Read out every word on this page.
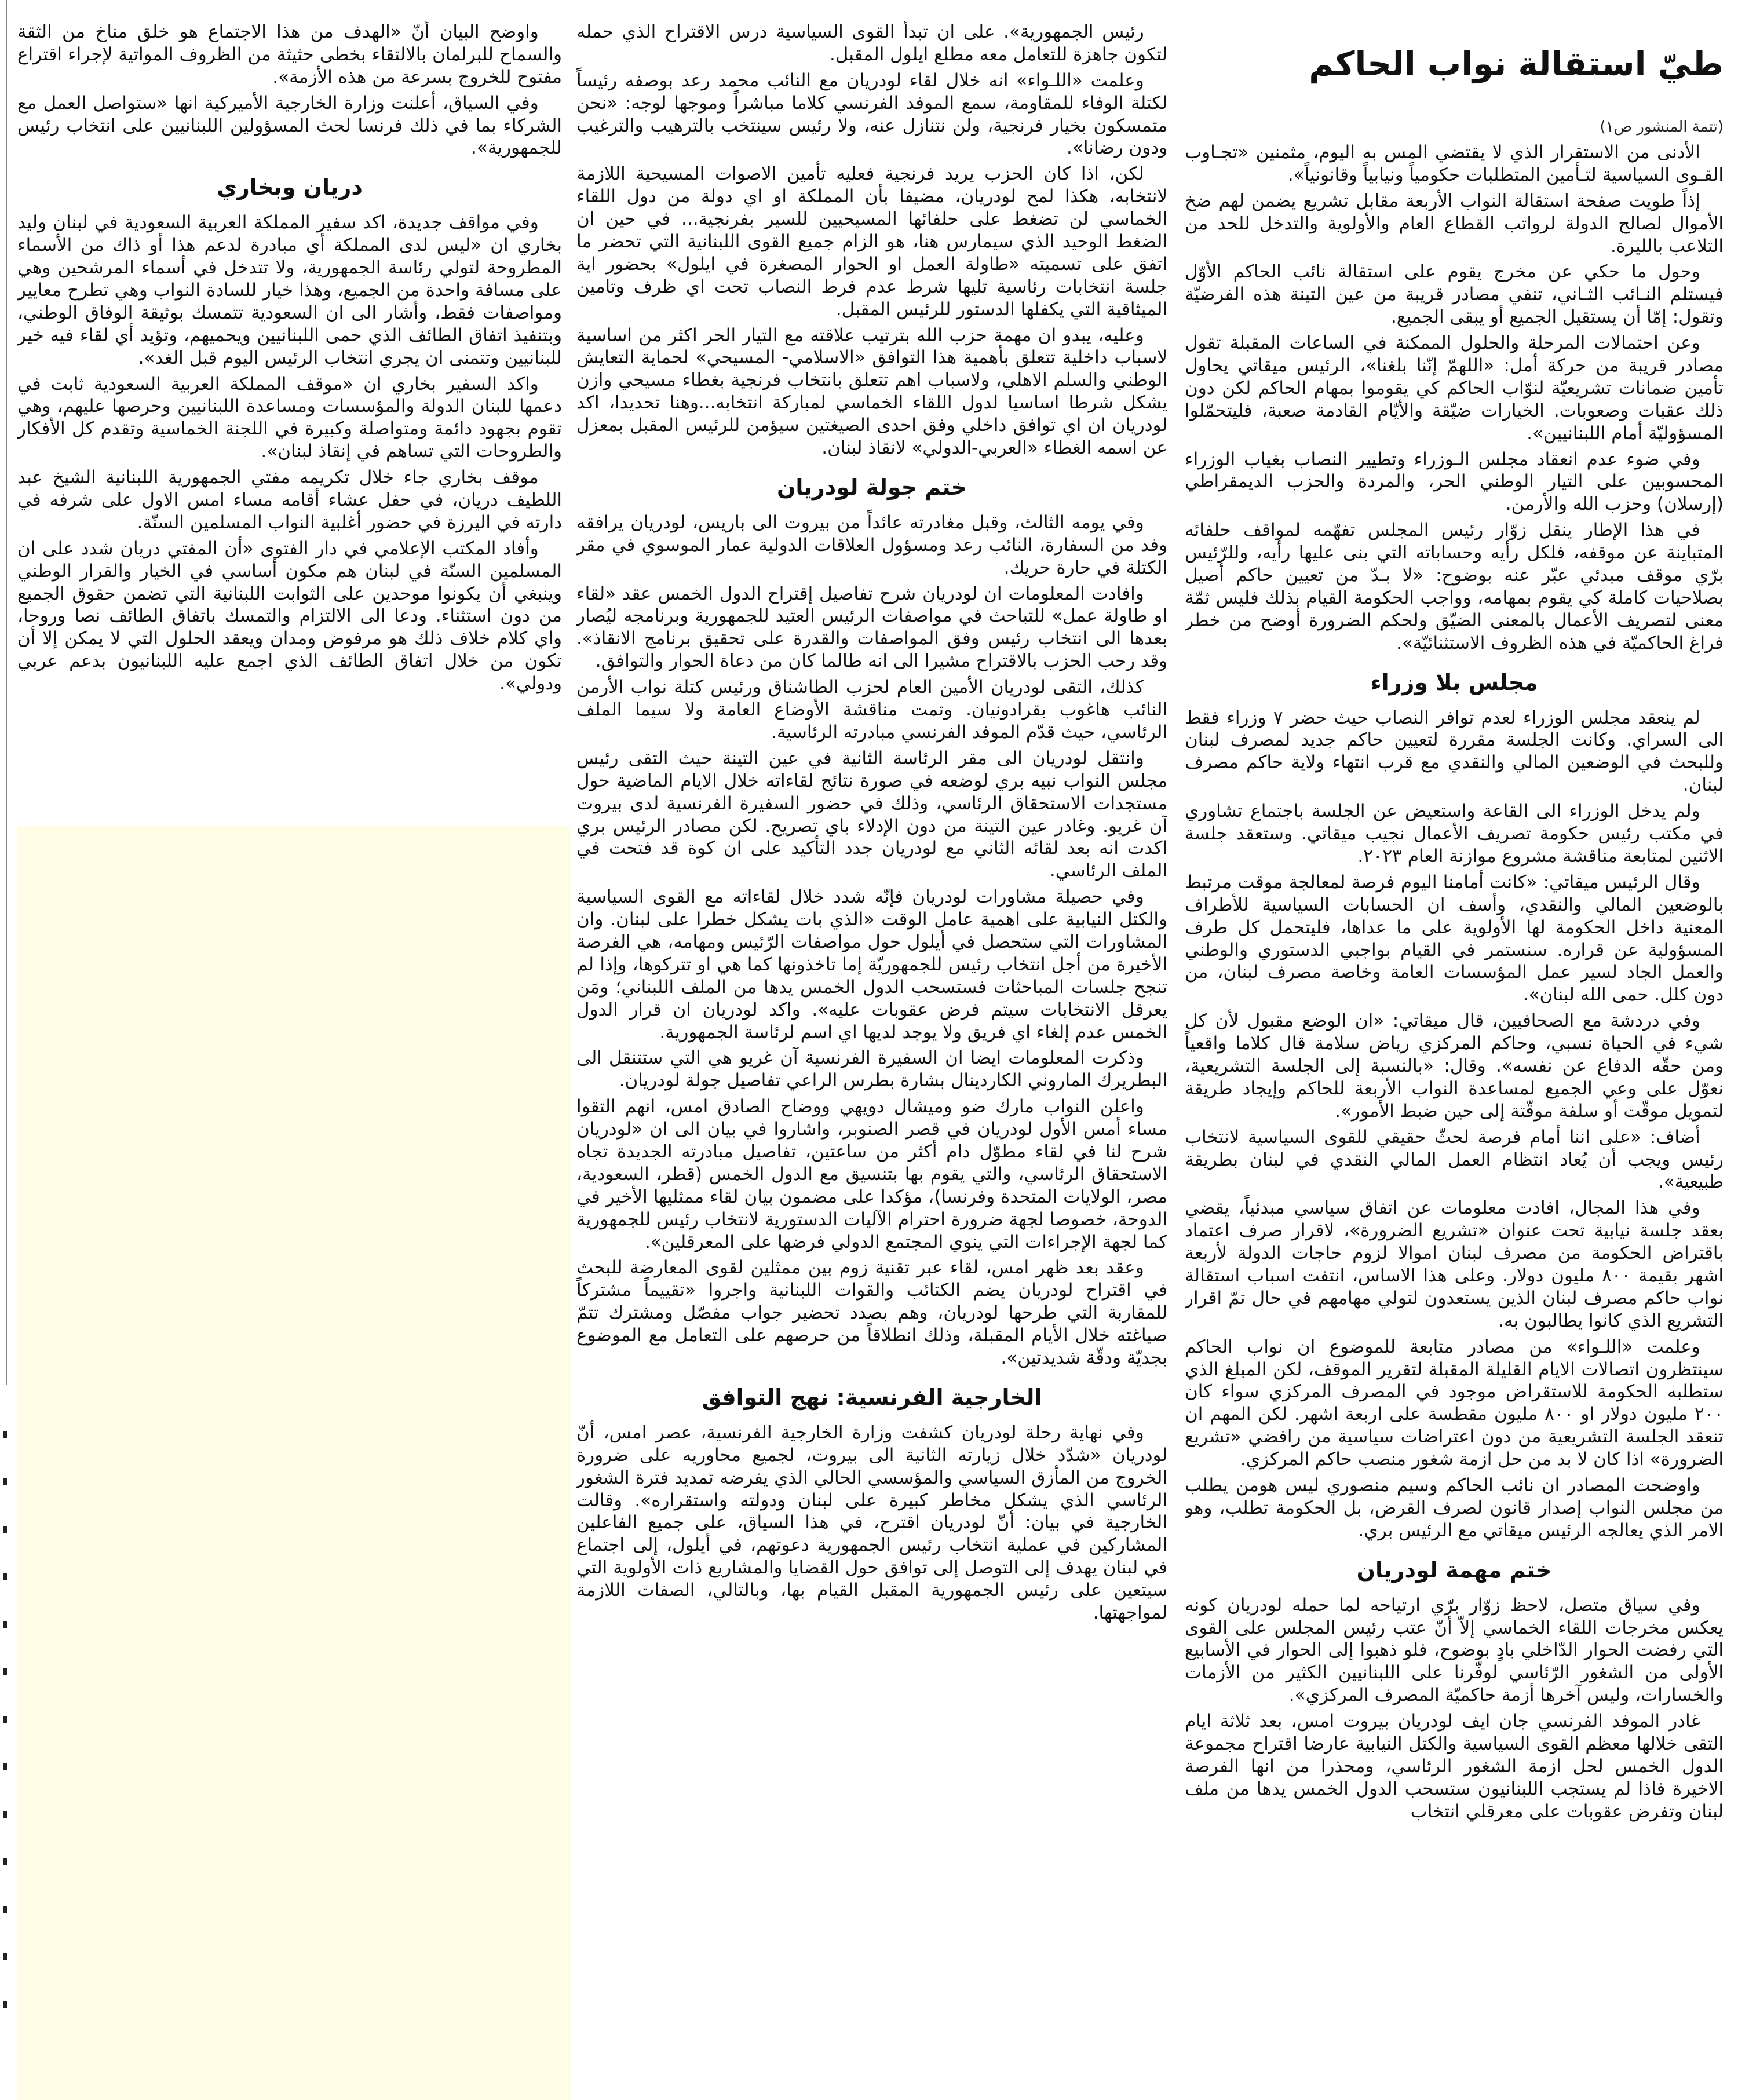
طيّ استقالة نواب الحاكم
(تتمة المنشور ص١)

الأدنى من الاستقرار الذي لا يقتضي المس به اليوم، مثمنين «تجـاوب القـوى السياسية لتـأمين المتطلبات حكومياً ونيابياً وقانونياً».

إذاً طويت صفحة استقالة النواب الأربعة مقابل تشريع يضمن لهم ضخ الأموال لصالح الدولة لرواتب القطاع العام والأولوية والتدخل للحد من التلاعب بالليرة.

وحول ما حكي عن مخرج يقوم على استقالة نائب الحاكم الأوّل فيستلم النـائب الثـاني، تنفي مصادر قريبة من عين التينة هذه الفرضيّة وتقول: إمّا أن يستقيل الجميع أو يبقى الجميع.

وعن احتمالات المرحلة والحلول الممكنة في الساعات المقبلة تقول مصادر قريبة من حركة أمل: «اللهمّ إنّنا بلغنا»، الرئيس ميقاتي يحاول تأمين ضمانات تشريعيّة لنوّاب الحاكم كي يقوموا بمهام الحاكم لكن دون ذلك عقبات وصعوبات. الخيارات ضيّقة والأيّام القادمة صعبة، فليتحمّلوا المسؤوليّة أمام اللبنانيين».

وفي ضوء عدم انعقاد مجلس الـوزراء وتطيير النصاب بغياب الوزراء المحسوبين على التيار الوطني الحر، والمردة والحزب الديمقراطي (إرسلان) وحزب الله والأرمن.

في هذا الإطار ينقل زوّار رئيس المجلس تفهّمه لمواقف حلفائه المتباينة عن موقفه، فلكل رأيه وحساباته التي بنى عليها رأيه، وللرّئيس برّي موقف مبدئي عبّر عنه بوضوح: «لا بـدّ من تعيين حاكم أصيل بصلاحيات كاملة كي يقوم بمهامه، وواجب الحكومة القيام بذلك فليس ثمّة معنى لتصريف الأعمال بالمعنى الضيّق ولحكم الضرورة أوضح من خطر فراغ الحاكميّة في هذه الظروف الاستثنائيّة».

مجلس بلا وزراء

لم ينعقد مجلس الوزراء لعدم توافر النصاب حيث حضر ٧ وزراء فقط الى السراي. وكانت الجلسة مقررة لتعيين حاكم جديد لمصرف لبنان وللبحث في الوضعين المالي والنقدي مع قرب انتهاء ولاية حاكم مصرف لبنان.

ولم يدخل الوزراء الى القاعة واستعيض عن الجلسة باجتماع تشاوري في مكتب رئيس حكومة تصريف الأعمال نجيب ميقاتي. وستعقد جلسة الاثنين لمتابعة مناقشة مشروع موازنة العام ٢٠٢٣.

وقال الرئيس ميقاتي: «كانت أمامنا اليوم فرصة لمعالجة موقت مرتبط بالوضعين المالي والنقدي، وأسف ان الحسابات السياسية للأطراف المعنية داخل الحكومة لها الأولوية على ما عداها، فليتحمل كل طرف المسؤولية عن قراره. سنستمر في القيام بواجبي الدستوري والوطني والعمل الجاد لسير عمل المؤسسات العامة وخاصة مصرف لبنان، من دون كلل. حمى الله لبنان».

وفي دردشة مع الصحافيين، قال ميقاتي: «ان الوضع مقبول لأن كل شيء في الحياة نسبي، وحاكم المركزي رياض سلامة قال كلاما واقعياً ومن حقّه الدفاع عن نفسه». وقال: «بالنسبة إلى الجلسة التشريعية، نعوّل على وعي الجميع لمساعدة النواب الأربعة للحاكم وإيجاد طريقة لتمويل موقّت أو سلفة موقّتة إلى حين ضبط الأمور».

أضاف: «على اننا أمام فرصة لحثّ حقيقي للقوى السياسية لانتخاب رئيس ويجب أن يُعاد انتظام العمل المالي النقدي في لبنان بطريقة طبيعية».

وفي هذا المجال، افادت معلومات عن اتفاق سياسي مبدئياً، يقضي بعقد جلسة نيابية تحت عنوان «تشريع الضرورة»، لاقرار صرف اعتماد باقتراض الحكومة من مصرف لبنان اموالا لزوم حاجات الدولة لأربعة اشهر بقيمة ٨٠٠ مليون دولار. وعلى هذا الاساس، انتفت اسباب استقالة نواب حاكم مصرف لبنان الذين يستعدون لتولي مهامهم في حال تمّ اقرار التشريع الذي كانوا يطالبون به.

وعلمت «اللـواء» من مصادر متابعة للموضوع ان نواب الحاكم سينتظرون اتصالات الايام القليلة المقبلة لتقرير الموقف، لكن المبلغ الذي ستطلبه الحكومة للاستقراض موجود في المصرف المركزي سواء كان ٢٠٠ مليون دولار او ٨٠٠ مليون مقطسة على اربعة اشهر. لكن المهم ان تنعقد الجلسة التشريعية من دون اعتراضات سياسية من رافضي «تشريع الضرورة» اذا كان لا بد من حل ازمة شغور منصب حاكم المركزي.

واوضحت المصادر ان نائب الحاكم وسيم منصوري ليس هومن يطلب من مجلس النواب إصدار قانون لصرف القرض، بل الحكومة تطلب، وهو الامر الذي يعالجه الرئيس ميقاتي مع الرئيس بري.

ختم مهمة لودريان

وفي سياق متصل، لاحظ زوّار برّي ارتياحه لما حمله لودريان كونه يعكس مخرجات اللقاء الخماسي إلاّ أنّ عتب رئيس المجلس على القوى التي رفضت الحوار الدّاخلي بادٍ بوضوح، فلو ذهبوا إلى الحوار في الأسابيع الأولى من الشغور الرّئاسي لوفّرنا على اللبنانيين الكثير من الأزمات والخسارات، وليس آخرها أزمة حاكميّة المصرف المركزي».

غادر الموفد الفرنسي جان ايف لودريان بيروت امس، بعد ثلاثة ايام التقى خلالها معظم القوى السياسية والكتل النيابية عارضا اقتراح مجموعة الدول الخمس لحل ازمة الشغور الرئاسي، ومحذرا من انها الفرصة الاخيرة فاذا لم يستجب اللبنانيون ستسحب الدول الخمس يدها من ملف لبنان وتفرض عقوبات على معرقلي انتخاب

رئيس الجمهورية». على ان تبدأ القوى السياسية درس الاقتراح الذي حمله لتكون جاهزة للتعامل معه مطلع ايلول المقبل.

وعلمت «اللـواء» انه خلال لقاء لودريان مع النائب محمد رعد بوصفه رئيساً لكتلة الوفاء للمقاومة، سمع الموفد الفرنسي كلاما مباشراً وموجها لوجه: «نحن متمسكون بخيار فرنجية، ولن نتنازل عنه، ولا رئيس سينتخب بالترهيب والترغيب ودون رضانا».

لكن، اذا كان الحزب يريد فرنجية فعليه تأمين الاصوات المسيحية اللازمة لانتخابه، هكذا لمح لودريان، مضيفا بأن المملكة او اي دولة من دول اللقاء الخماسي لن تضغط على حلفائها المسيحيين للسير بفرنجية... في حين ان الضغط الوحيد الذي سيمارس هنا، هو الزام جميع القوى اللبنانية التي تحضر ما اتفق على تسميته «طاولة العمل او الحوار المصغرة في ايلول» بحضور اية جلسة انتخابات رئاسية تليها شرط عدم فرط النصاب تحت اي ظرف وتامين الميثاقية التي يكفلها الدستور للرئيس المقبل.

وعليه، يبدو ان مهمة حزب الله بترتيب علاقته مع التيار الحر اكثر من اساسية لاسباب داخلية تتعلق بأهمية هذا التوافق «الاسلامي- المسيحي» لحماية التعايش الوطني والسلم الاهلي، ولاسباب اهم تتعلق بانتخاب فرنجية بغطاء مسيحي وازن يشكل شرطا اساسيا لدول اللقاء الخماسي لمباركة انتخابه...وهنا تحديدا، اكد لودريان ان اي توافق داخلي وفق احدى الصيغتين سيؤمن للرئيس المقبل بمعزل عن اسمه الغطاء «العربي-الدولي» لانقاذ لبنان.

ختم جولة لودريان

وفي يومه الثالث، وقبل مغادرته عائداً من بيروت الى باريس، لودريان يرافقه وفد من السفارة، النائب رعد ومسؤول العلاقات الدولية عمار الموسوي في مقر الكتلة في حارة حريك.

وافادت المعلومات ان لودريان شرح تفاصيل إقتراح الدول الخمس عقد «لقاء او طاولة عمل» للتباحث في مواصفات الرئيس العتيد للجمهورية وبرنامجه ليُصار بعدها الى انتخاب رئيس وفق المواصفات والقدرة على تحقيق برنامج الانقاذ». وقد رحب الحزب بالاقتراح مشيرا الى انه طالما كان من دعاة الحوار والتوافق.

كذلك، التقى لودريان الأمين العام لحزب الطاشناق ورئيس كتلة نواب الأرمن النائب هاغوب بقرادونيان. وتمت مناقشة الأوضاع العامة ولا سيما الملف الرئاسي، حيث قدّم الموفد الفرنسي مبادرته الرئاسية.

وانتقل لودريان الى مقر الرئاسة الثانية في عين التينة حيث التقى رئيس مجلس النواب نبيه بري لوضعه في صورة نتائج لقاءاته خلال الايام الماضية حول مستجدات الاستحقاق الرئاسي، وذلك في حضور السفيرة الفرنسية لدى بيروت آن غريو. وغادر عين التينة من دون الإدلاء باي تصريح. لكن مصادر الرئيس بري اكدت انه بعد لقائه الثاني مع لودريان جدد التأكيد على ان كوة قد فتحت في الملف الرئاسي.

وفي حصيلة مشاورات لودريان فإنّه شدد خلال لقاءاته مع القوى السياسية والكتل النيابية على اهمية عامل الوقت «الذي بات يشكل خطرا على لبنان. وان المشاورات التي ستحصل في أيلول حول مواصفات الرّئيس ومهامه، هي الفرصة الأخيرة من أجل انتخاب رئيس للجمهوريّة إما تاخذونها كما هي او تتركوها، وإذا لم تنجح جلسات المباحثات فستسحب الدول الخمس يدها من الملف اللبناني؛ ومَن يعرقل الانتخابات سيتم فرض عقوبات عليه». واكد لودريان ان قرار الدول الخمس عدم إلغاء اي فريق ولا يوجد لديها اي اسم لرئاسة الجمهورية.

وذكرت المعلومات ايضا ان السفيرة الفرنسية آن غريو هي التي ستتنقل الى البطريرك الماروني الكاردينال بشارة بطرس الراعي تفاصيل جولة لودريان.

واعلن النواب مارك ضو وميشال دويهي ووضاح الصادق امس، انهم التقوا مساء أمس الأول لودريان في قصر الصنوبر، واشاروا في بيان الى ان «لودريان شرح لنا في لقاء مطوّل دام أكثر من ساعتين، تفاصيل مبادرته الجديدة تجاه الاستحقاق الرئاسي، والتي يقوم بها بتنسيق مع الدول الخمس (قطر، السعودية، مصر، الولايات المتحدة وفرنسا)، مؤكدا على مضمون بيان لقاء ممثليها الأخير في الدوحة، خصوصا لجهة ضرورة احترام الآليات الدستورية لانتخاب رئيس للجمهورية كما لجهة الإجراءات التي ينوي المجتمع الدولي فرضها على المعرقلين».

وعقد بعد ظهر امس، لقاء عبر تقنية زوم بين ممثلين لقوى المعارضة للبحث في اقتراح لودريان يضم الكتائب والقوات اللبنانية واجروا «تقييماً مشتركاً للمقاربة التي طرحها لودريان، وهم بصدد تحضير جواب مفصّل ومشترك تتمّ صياغته خلال الأيام المقبلة، وذلك انطلاقاً من حرصهم على التعامل مع الموضوع بجديّة ودقّة شديدتين».

الخارجية الفرنسية: نهج التوافق

وفي نهاية رحلة لودريان كشفت وزارة الخارجية الفرنسية، عصر امس، أنّ لودريان «شدّد خلال زيارته الثانية الى بيروت، لجميع محاوريه على ضرورة الخروج من المأزق السياسي والمؤسسي الحالي الذي يفرضه تمديد فترة الشغور الرئاسي الذي يشكل مخاطر كبيرة على لبنان ودولته واستقراره». وقالت الخارجية في بيان: أنّ لودريان اقترح، في هذا السياق، على جميع الفاعلين المشاركين في عملية انتخاب رئيس الجمهورية دعوتهم، في أيلول، إلى اجتماع في لبنان يهدف إلى التوصل إلى توافق حول القضايا والمشاريع ذات الأولوية التي سيتعين على رئيس الجمهورية المقبل القيام بها، وبالتالي، الصفات اللازمة لمواجهتها.

واوضح البيان أنّ «الهدف من هذا الاجتماع هو خلق مناخ من الثقة والسماح للبرلمان بالالتقاء بخطى حثيثة من الظروف المواتية لإجراء اقتراع مفتوح للخروج بسرعة من هذه الأزمة».

وفي السياق، أعلنت وزارة الخارجية الأميركية انها «ستواصل العمل مع الشركاء بما في ذلك فرنسا لحث المسؤولين اللبنانيين على انتخاب رئيس للجمهورية».

دريان وبخاري

وفي مواقف جديدة، اكد سفير المملكة العربية السعودية في لبنان وليد بخاري ان «ليس لدى المملكة أي مبادرة لدعم هذا أو ذاك من الأسماء المطروحة لتولي رئاسة الجمهورية، ولا تتدخل في أسماء المرشحين وهي على مسافة واحدة من الجميع، وهذا خيار للسادة النواب وهي تطرح معايير ومواصفات فقط، وأشار الى ان السعودية تتمسك بوثيقة الوفاق الوطني، وبتنفيذ اتفاق الطائف الذي حمى اللبنانيين ويحميهم، وتؤيد أي لقاء فيه خير للبنانيين وتتمنى ان يجري انتخاب الرئيس اليوم قبل الغد».

واكد السفير بخاري ان «موقف المملكة العربية السعودية ثابت في دعمها للبنان الدولة والمؤسسات ومساعدة اللبنانيين وحرصها عليهم، وهي تقوم بجهود دائمة ومتواصلة وكبيرة في اللجنة الخماسية وتقدم كل الأفكار والطروحات التي تساهم في إنقاذ لبنان».

موقف بخاري جاء خلال تكريمه مفتي الجمهورية اللبنانية الشيخ عبد اللطيف دريان، في حفل عشاء أقامه مساء امس الاول على شرفه في دارته في اليرزة في حضور أغلبية النواب المسلمين السنّة.

وأفاد المكتب الإعلامي في دار الفتوى «أن المفتي دريان شدد على ان المسلمين السنّة في لبنان هم مكون أساسي في الخيار والقرار الوطني وينبغي أن يكونوا موحدين على الثوابت اللبنانية التي تضمن حقوق الجميع من دون استثناء. ودعا الى الالتزام والتمسك باتفاق الطائف نصا وروحا، واي كلام خلاف ذلك هو مرفوض ومدان ويعقد الحلول التي لا يمكن إلا أن تكون من خلال اتفاق الطائف الذي اجمع عليه اللبنانيون بدعم عربي ودولي».
